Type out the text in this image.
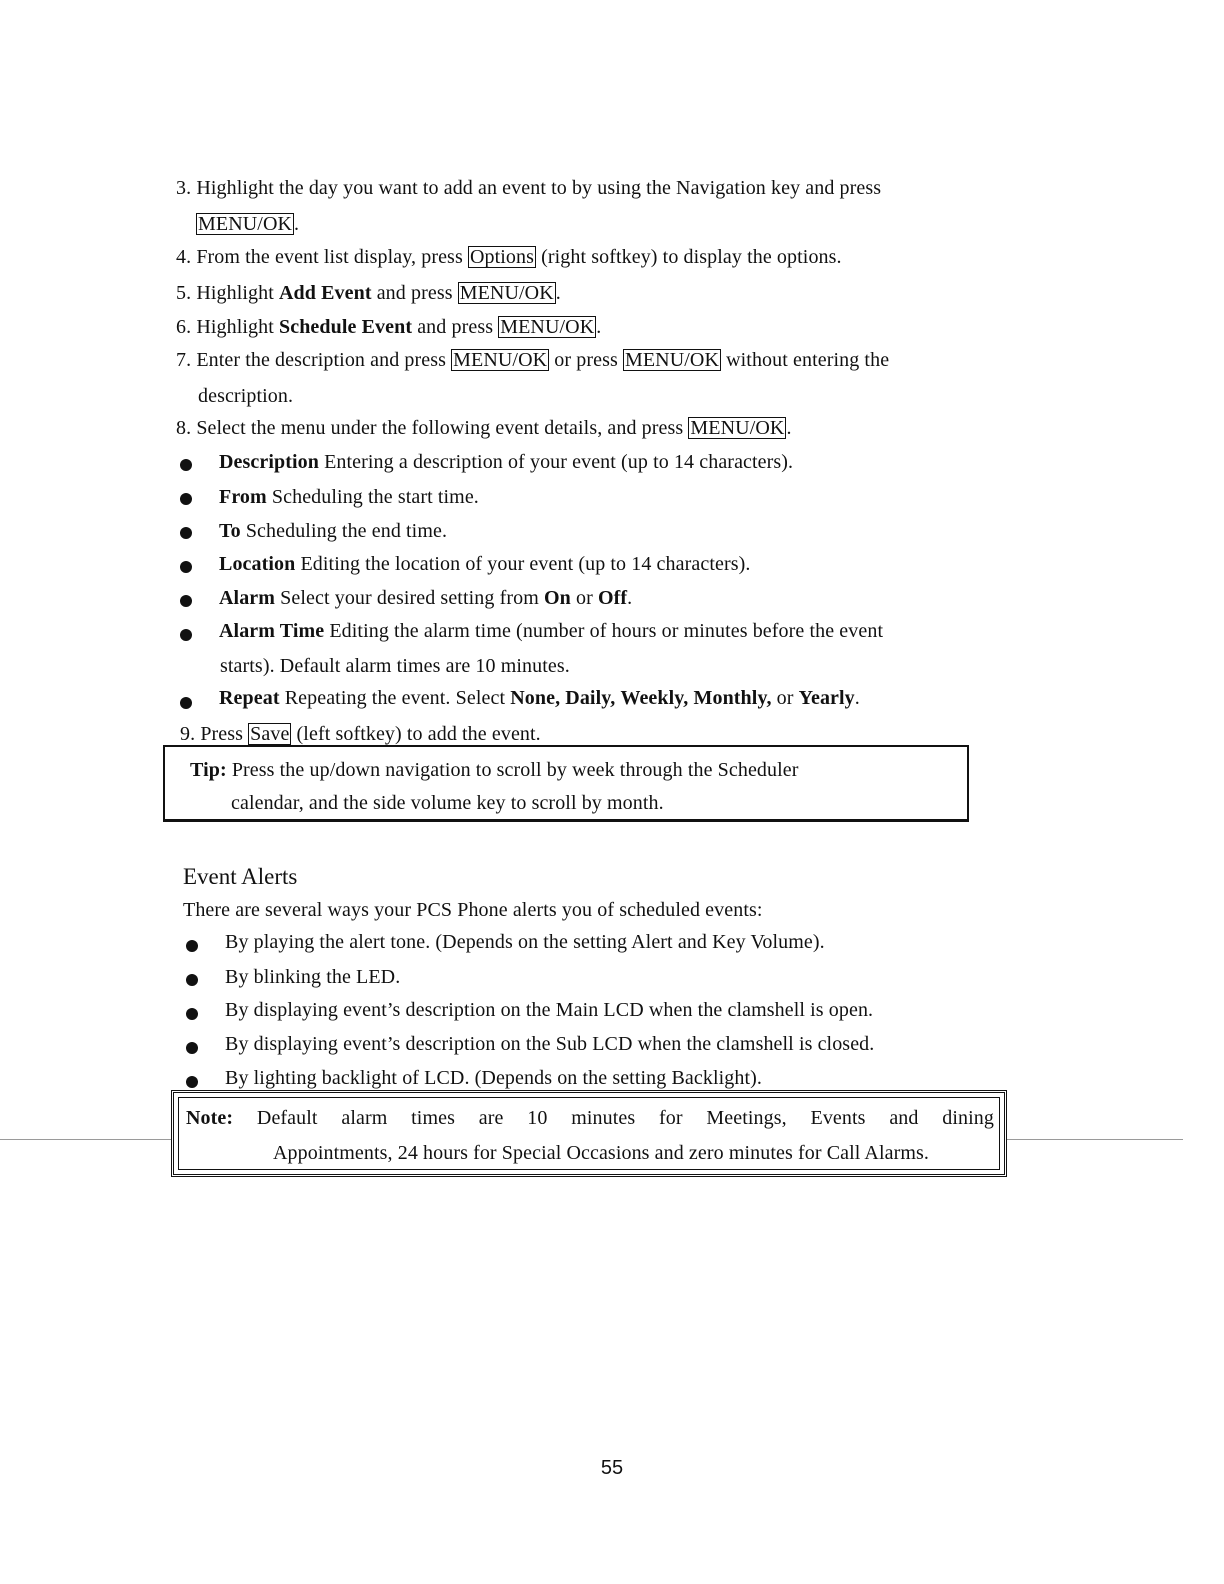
3. Highlight the day you want to add an event to by using the Navigation key and press
MENU/OK .
4. From the event list display, press Options (right softkey) to display the options.
5. Highlight Add Event and press MENU/OK .
6. Highlight Schedule Event and press MENU/OK .
7. Enter the description and press MENU/OK or press MENU/OK without entering the
description.
8. Select the menu under the following event details, and press MENU/OK .
Description Entering a description of your event (up to 14 characters).
From Scheduling the start time.
To Scheduling the end time.
Location Editing the location of your event (up to 14 characters).
Alarm Select your desired setting from On or Off.
Alarm Time Editing the alarm time (number of hours or minutes before the event
starts). Default alarm times are 10 minutes.
Repeat Repeating the event. Select None, Daily, Weekly, Monthly, or Yearly.
9. Press Save (left softkey) to add the event.
Tip: Press the up/down navigation to scroll by week through the Scheduler
calendar, and the side volume key to scroll by month.
Event Alerts
There are several ways your PCS Phone alerts you of scheduled events:
By playing the alert tone. (Depends on the setting Alert and Key Volume).
By blinking the LED.
By displaying event’s description on the Main LCD when the clamshell is open.
By displaying event’s description on the Sub LCD when the clamshell is closed.
By lighting backlight of LCD. (Depends on the setting Backlight).
Note: Default alarm times are 10 minutes for Meetings, Events and dining
Appointments, 24 hours for Special Occasions and zero minutes for Call Alarms.
55
